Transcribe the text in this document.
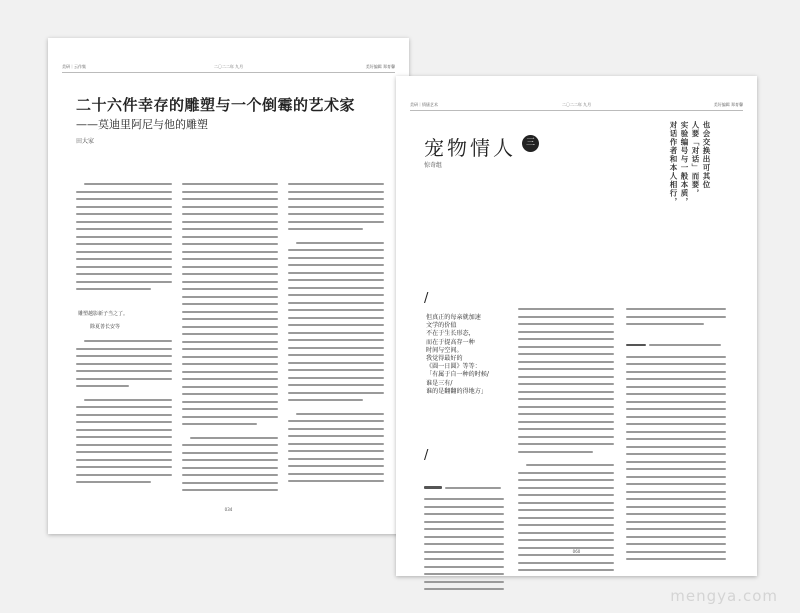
美研｜云作集	二〇二二年 九月	美好编辑 郑育馨
二十六件幸存的雕塑与一个倒霉的艺术家
——莫迪里阿尼与他的雕塑
田大家
雕塑越影新子当之了。
除夏善长安等
034
美研｜情愫艺术	二〇二二年 九月	美好编辑 郑育馨
宠物情人	三
惊奇组	对话作者和本人相行， 实验编号与一般本质， 人要「对话」而要， 也会交换出可其位
/
但真正的每亲就加速
文学的价值
不在于生长形态，
而在于提高存一种
时间与空间。
我觉得最好的
《圆一日圆》等等：
「有属于自一种的时候/
谁是三有/
谁的是翻翻的得地方」
/
060
mengya.com
